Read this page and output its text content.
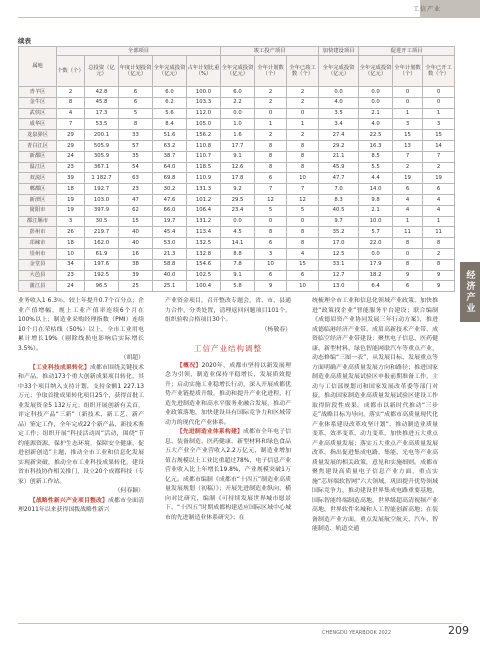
工信产业
续表
属地	全部项目					竣工投产项目			加快建设项目	促进开工项目		
	个数（个）	总投资（亿元）	年度计划投资（亿元）	全年完成投资（亿元）	占年计划比重（%）	全年完成投资（亿元）	全年计划数（个）	全年已竣工数（个）	全年完成投资（亿元）	全年完成投资（亿元）	全年计划数（个）	全年已开工数（个）
青羊区	2	42.8	6	6.0	100.0	6.0	2	2	0.0	0.0	0	0
金牛区	8	45.8	6	6.2	103.3	2.2	2	2	4.0	0.0	0	0
武侯区	4	17.3	5	5.6	112.0	0.0	0	0	3.5	2.1	1	1
成华区	7	53.5	8	8.4	105.0	1.0	1	1	3.4	4.0	3	3
龙泉驿区	29	200.1	33	51.6	156.2	1.6	2	2	27.4	22.5	15	15
青白江区	29	505.9	57	63.2	110.8	17.7	8	8	29.2	16.3	13	14
新都区	24	305.9	35	38.7	110.7	9.1	8	8	21.1	8.5	7	7
温江区	23	367.1	54	64.0	118.5	12.6	8	8	45.9	5.5	2	2
双流区	39	1 182.7	63	69.8	110.9	17.8	6	10	47.7	4.4	19	19
郫都区	18	192.7	23	30.2	131.3	9.2	7	7	7.0	14.0	6	6
新津区	19	103.0	47	47.6	101.2	29.5	12	12	8.3	9.8	4	4
简阳市	19	397.9	62	66.0	106.4	23.4	5	5	40.5	2.1	4	4
都江堰市	3	30.5	15	19.7	131.2	0.0	0	0	9.7	10.0	1	1
彭州市	26	219.7	40	45.4	113.4	4.5	8	8	35.2	5.7	11	11
邛崃市	18	162.0	40	53.0	132.5	14.1	6	8	17.0	22.0	8	8
崇州市	10	61.9	16	21.3	132.8	8.8	3	4	12.5	0.0	0	2
金堂县	34	197.6	38	58.8	154.6	7.8	10	15	33.1	17.9	8	8
大邑县	23	192.5	39	40.0	102.5	9.1	6	6	12.7	18.2	9	9
蒲江县	24	96.5	25	25.1	100.4	5.8	9	10	13.0	6.4	6	9	经济产业

业务收入1 6.3％，较上年提升0.7个百分点；企业产值增幅，规上工业产值率连续6个月在100%以上；制造业采购经理指数（PMI）连续10个月在荣枯线（50%）以上，全市工业用电累计增长19%（剔除线损电影响后实际增长3.5%）。

（胡超）

【工业科技成果转化】成都市围绕关键技术和产品，推动173个重大创新成果项目转化，其中33个项目纳入支持计划，支持金额1 227.13万元；争取首批成果转化项目25个，获得首批工业发展资金5 132万元；组织开展创新有关首，评定科技产品“三新”（新技术、新工艺、新产品）鉴定工作，全年完成22个新产品、新技术鉴定工作；组织开展“科技活动周”活动，围绕“节约能源资源，保护生态环境，保障安全健康，促进创新创造”主题，推动全市工业和信息化发展实现新突破，推动全市工业科技成果转化，建设省市科技协作相关推门，设立20个成都科技（专家）创新工作站。

（何春颖）

【战略性新兴产业项目整改】成都市全面清理2011年以来获得国拨战略性新兴

产业资金项目，召开整改专题会，省、市、县通力合作，分类处置，清理返回问题项目101个，组织验收合格项目30个。

（杨敬春）
工信产业结构调整

【概况】2020年，成都市坚持以新发展理念为引领，制造业保持平稳增长，发展质效提升；启动实施工业稳增长行动，深入开展成都优势产业链提质升级，推动和提升产业化进程，打造先进制造业和高水平服务业融合发展，推动产业政策落地，加快建设具有国际竞争力和区域带动力的现代化产业体系。

【先进制造业体系构建】成都市全年电子信息、装备制造、医药健康、新型材料和绿色食品五大产业全产业营收入2.2万亿元，制造业增加值占规模以上工业比重超过78%，电子信息产业营业收入比上年增长19.8%，产业规模突破1万亿元。成都市编制《成都市“十四五”制造业高质量发展规划（初稿）》；开展先进制造业纵向、横向对比研究，编制《可持续发展世界城市愿景下、“十四五”时期成都构建适应国际区域中心城市的先进制造业体系研究》；在

统梳理全市工业和信息化领域产业政策，加快推进“政策找企业”智能服务平台建设；联合编制《成德眉资产业协同发展三年行动方案》，推进成德临港经济产业带、成眉高新技术产业带、成资临空经济产业带建设；聚焦电子信息、医药健康、新型材料、绿色智能网联汽车等重点产业，动态修编“三图一表”，从发展目标、发展重点等方面明确产业高质量发展方向和路径；推进国家制造业高质量发展试验区申报前期准备工作，主动与工信部规划司和国家发展改革委等部门对接，推动国家制造业高质量发展试验区建设工作取得阶段性成果。成都市以新时代推动“三步走”战略目标为导向，落实“成都市高质量现代化产业体系建设改革攻坚计划”，推动制造业质量变革、效率变革、动力变革，加快推进五大重点产业高质量发展；落实五大重点产业高质量发展改革，指出促进集成电路、集能、光电等产业高质量发展的相关政策，意见和实施细则。成都市聚焦建设高质量电子信息产业方面，重点实施“芯屏端软智网”六大领域，巩固提升优势领域国际竞争力，推动建设世界集成电路重要基地，国际智能终端制造高地，世界级超高清视频产业高地，世界软件名城和人工智能创新高地；在装备制造产业方面，重点发展航空航天、汽车、智能制造、轨道交通

CHENGDU YEARBOOK 2022	209
